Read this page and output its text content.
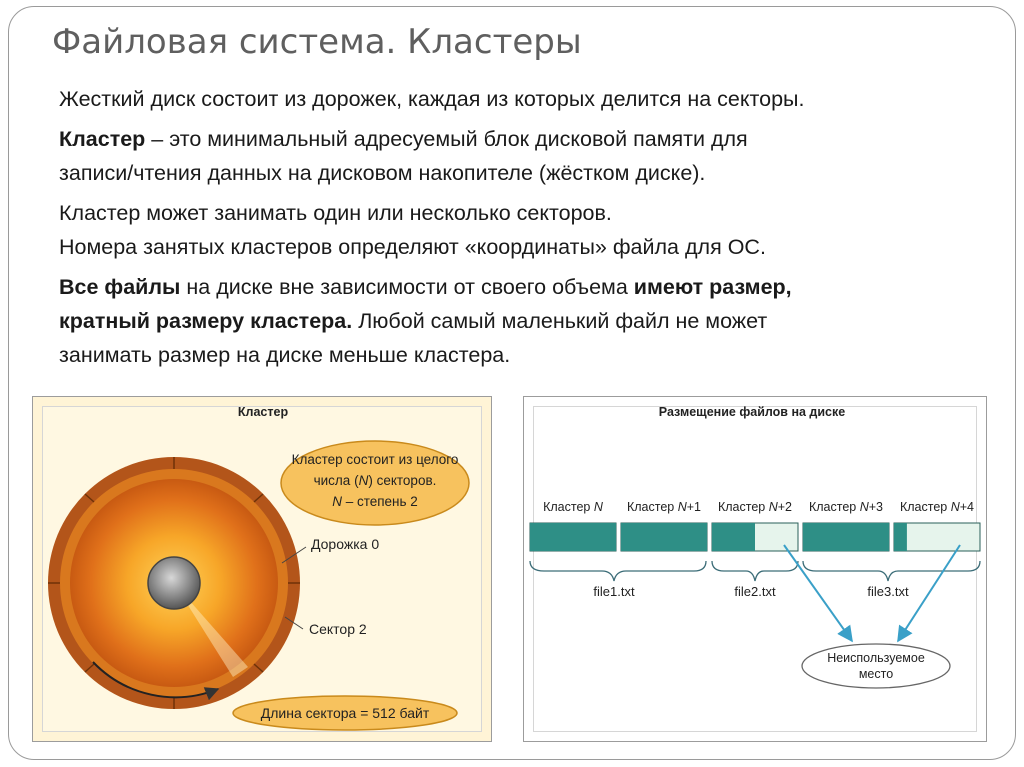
Файловая система. Кластеры

Жесткий диск состоит из дорожек, каждая из которых делится на секторы.

Кластер – это минимальный адресуемый блок дисковой памяти для
записи/чтения данных на дисковом накопителе (жёстком диске).

Кластер может занимать один или несколько секторов.
Номера занятых кластеров определяют «координаты» файла для ОС.

Все файлы на диске вне зависимости от своего объема имеют размер,
кратный размеру кластера. Любой самый маленький файл не может
занимать размер на диске меньше кластера.

Кластер
Кластер состоит из целого
числа (N) секторов.
N – степень 2
Дорожка 0
Сектор 2
Длина сектора = 512 байт
Размещение файлов на диске
Кластер N Кластер N+1 Кластер N+2 Кластер N+3 Кластер N+4
file1.txt	file2.txt	file3.txt
Неиспользуемое
место
